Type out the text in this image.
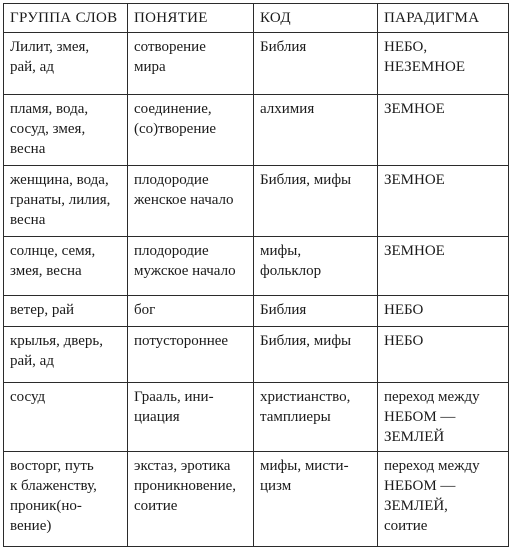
ГРУППА СЛОВ	ПОНЯТИЕ	КОД	ПАРАДИГМА

Лилит, змея,
рай, ад	сотворение
мира	Библия	НЕБО,
НЕЗЕМНОЕ

пламя, вода,
сосуд, змея,
весна	соединение,
(со)творение	алхимия	ЗЕМНОЕ

женщина, вода,
гранаты, лилия,
весна	плодородие
женское начало	Библия, мифы	ЗЕМНОЕ

солнце, семя,
змея, весна	плодородие
мужское начало	мифы,
фольклор	ЗЕМНОЕ

ветер, рай	бог	Библия	НЕБО

крылья, дверь,
рай, ад	потустороннее	Библия, мифы	НЕБО

сосуд	Грааль, ини-
циация	христианство,
тамплиеры	переход между
НЕБОМ —
ЗЕМЛЕЙ

восторг, путь
к блаженству,
проник(но-
вение)	экстаз, эротика
проникновение,
соитие	мифы, мисти-
цизм	переход между
НЕБОМ —
ЗЕМЛЕЙ,
соитие
